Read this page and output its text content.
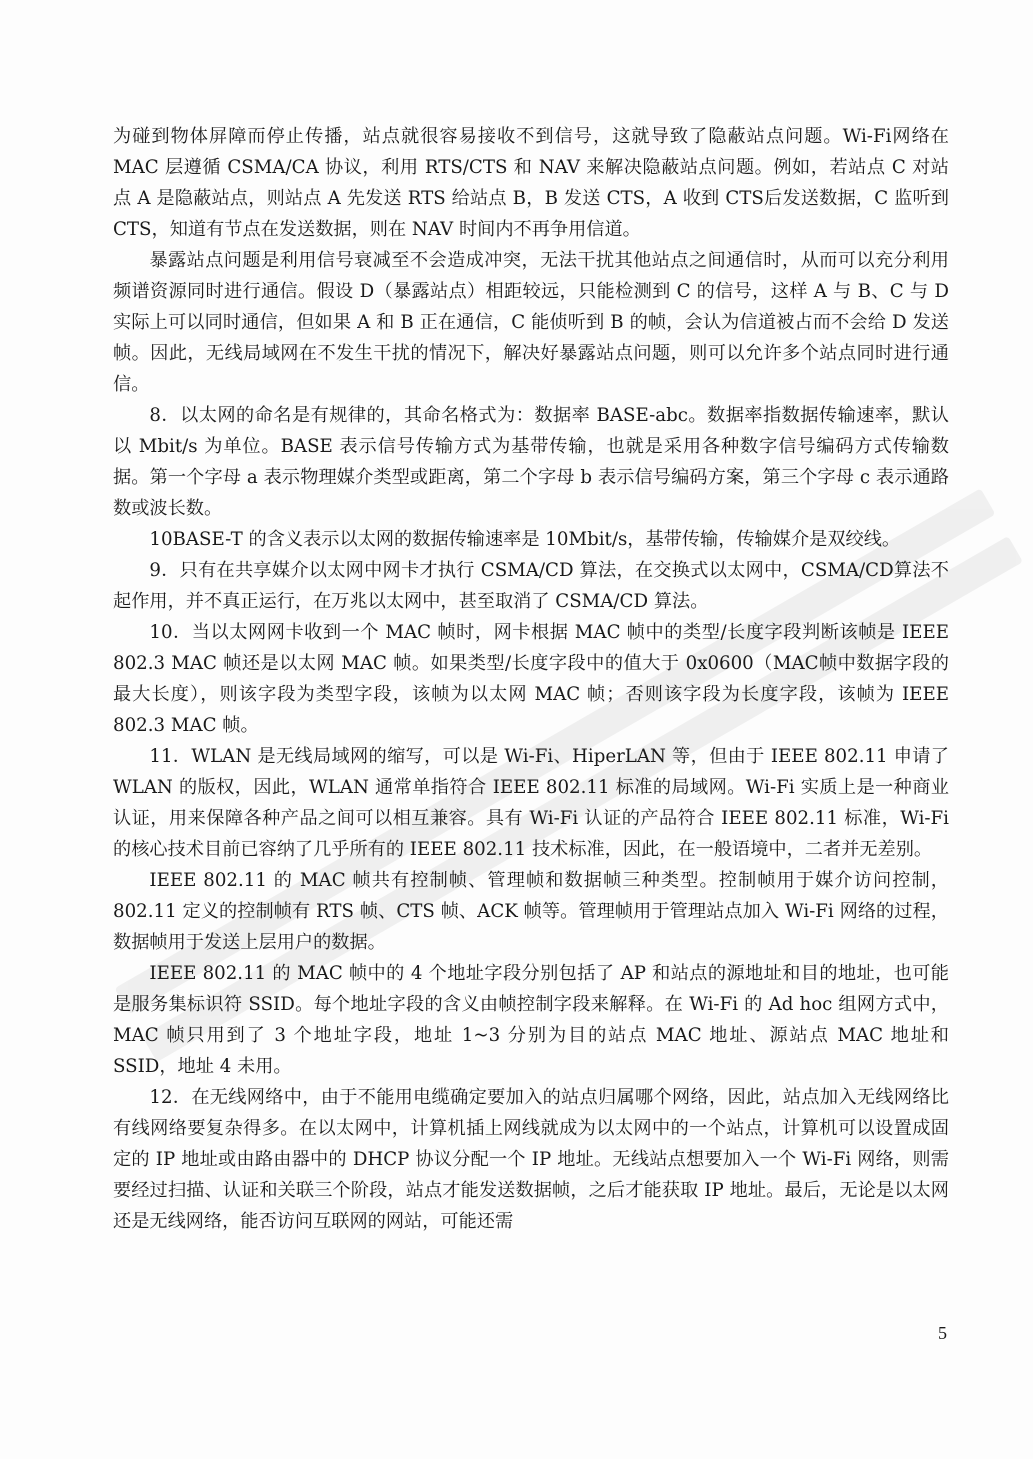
为碰到物体屏障而停止传播，站点就很容易接收不到信号，这就导致了隐蔽站点问题。Wi-Fi网络在 MAC 层遵循 CSMA/CA 协议，利用 RTS/CTS 和 NAV 来解决隐蔽站点问题。例如，若站点 C 对站点 A 是隐蔽站点，则站点 A 先发送 RTS 给站点 B，B 发送 CTS，A 收到 CTS后发送数据，C 监听到 CTS，知道有节点在发送数据，则在 NAV 时间内不再争用信道。

暴露站点问题是利用信号衰减至不会造成冲突，无法干扰其他站点之间通信时，从而可以充分利用频谱资源同时进行通信。假设 D（暴露站点）相距较远，只能检测到 C 的信号，这样 A 与 B、C 与 D 实际上可以同时通信，但如果 A 和 B 正在通信，C 能侦听到 B 的帧，会认为信道被占而不会给 D 发送帧。因此，无线局域网在不发生干扰的情况下，解决好暴露站点问题，则可以允许多个站点同时进行通信。

8．以太网的命名是有规律的，其命名格式为：数据率 BASE-abc。数据率指数据传输速率，默认以 Mbit/s 为单位。BASE 表示信号传输方式为基带传输，也就是采用各种数字信号编码方式传输数据。第一个字母 a 表示物理媒介类型或距离，第二个字母 b 表示信号编码方案，第三个字母 c 表示通路数或波长数。

10BASE-T 的含义表示以太网的数据传输速率是 10Mbit/s，基带传输，传输媒介是双绞线。

9．只有在共享媒介以太网中网卡才执行 CSMA/CD 算法，在交换式以太网中，CSMA/CD算法不起作用，并不真正运行，在万兆以太网中，甚至取消了 CSMA/CD 算法。

10．当以太网网卡收到一个 MAC 帧时，网卡根据 MAC 帧中的类型/长度字段判断该帧是 IEEE 802.3 MAC 帧还是以太网 MAC 帧。如果类型/长度字段中的值大于 0x0600（MAC帧中数据字段的最大长度），则该字段为类型字段，该帧为以太网 MAC 帧；否则该字段为长度字段，该帧为 IEEE 802.3 MAC 帧。

11．WLAN 是无线局域网的缩写，可以是 Wi-Fi、HiperLAN 等，但由于 IEEE 802.11 申请了 WLAN 的版权，因此，WLAN 通常单指符合 IEEE 802.11 标准的局域网。Wi-Fi 实质上是一种商业认证，用来保障各种产品之间可以相互兼容。具有 Wi-Fi 认证的产品符合 IEEE 802.11 标准，Wi-Fi 的核心技术目前已容纳了几乎所有的 IEEE 802.11 技术标准，因此，在一般语境中，二者并无差别。

IEEE 802.11 的 MAC 帧共有控制帧、管理帧和数据帧三种类型。控制帧用于媒介访问控制，802.11 定义的控制帧有 RTS 帧、CTS 帧、ACK 帧等。管理帧用于管理站点加入 Wi-Fi 网络的过程，数据帧用于发送上层用户的数据。

IEEE 802.11 的 MAC 帧中的 4 个地址字段分别包括了 AP 和站点的源地址和目的地址，也可能是服务集标识符 SSID。每个地址字段的含义由帧控制字段来解释。在 Wi-Fi 的 Ad hoc 组网方式中，MAC 帧只用到了 3 个地址字段，地址 1~3 分别为目的站点 MAC 地址、源站点 MAC 地址和 SSID，地址 4 未用。

12．在无线网络中，由于不能用电缆确定要加入的站点归属哪个网络，因此，站点加入无线网络比有线网络要复杂得多。在以太网中，计算机插上网线就成为以太网中的一个站点，计算机可以设置成固定的 IP 地址或由路由器中的 DHCP 协议分配一个 IP 地址。无线站点想要加入一个 Wi-Fi 网络，则需要经过扫描、认证和关联三个阶段，站点才能发送数据帧，之后才能获取 IP 地址。最后，无论是以太网还是无线网络，能否访问互联网的网站，可能还需

5
